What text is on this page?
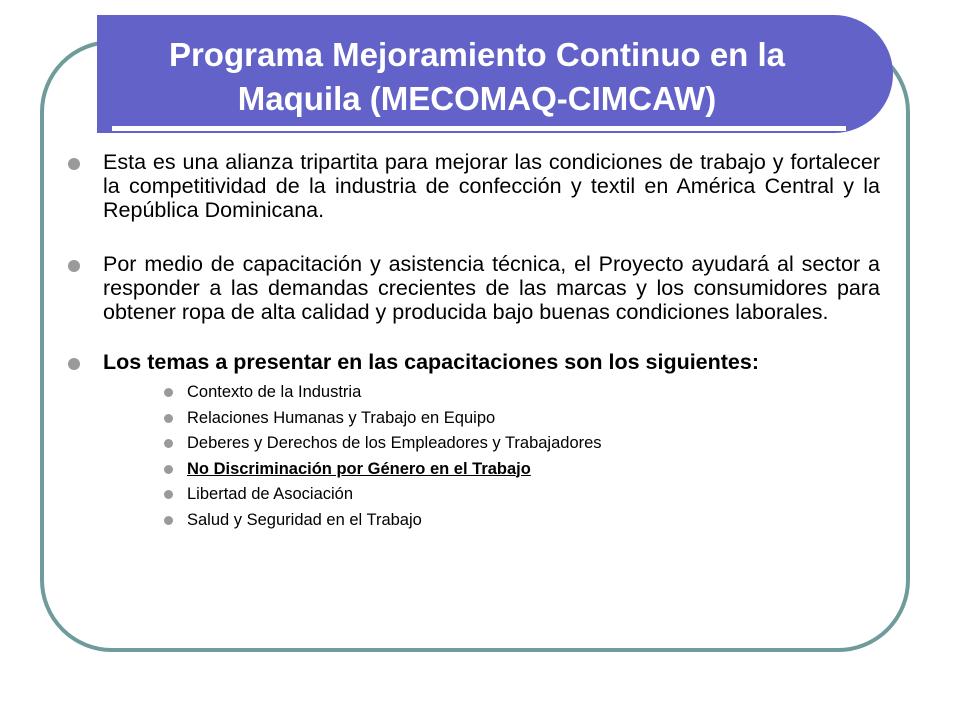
Programa Mejoramiento Continuo en la
Maquila (MECOMAQ-CIMCAW)
Esta es una alianza tripartita para mejorar las condiciones de trabajo y fortalecer la competitividad de la industria de confección y textil en América Central y la República Dominicana.
Por medio de capacitación y asistencia técnica, el Proyecto ayudará al sector a responder a las demandas crecientes de las marcas y los consumidores para obtener ropa de alta calidad y producida bajo buenas condiciones laborales.
Los temas a presentar en las capacitaciones son los siguientes:
Contexto de la Industria
Relaciones Humanas y Trabajo en Equipo
Deberes y Derechos de los Empleadores y Trabajadores
No Discriminación por Género en el Trabajo
Libertad de Asociación
Salud y Seguridad en el Trabajo
